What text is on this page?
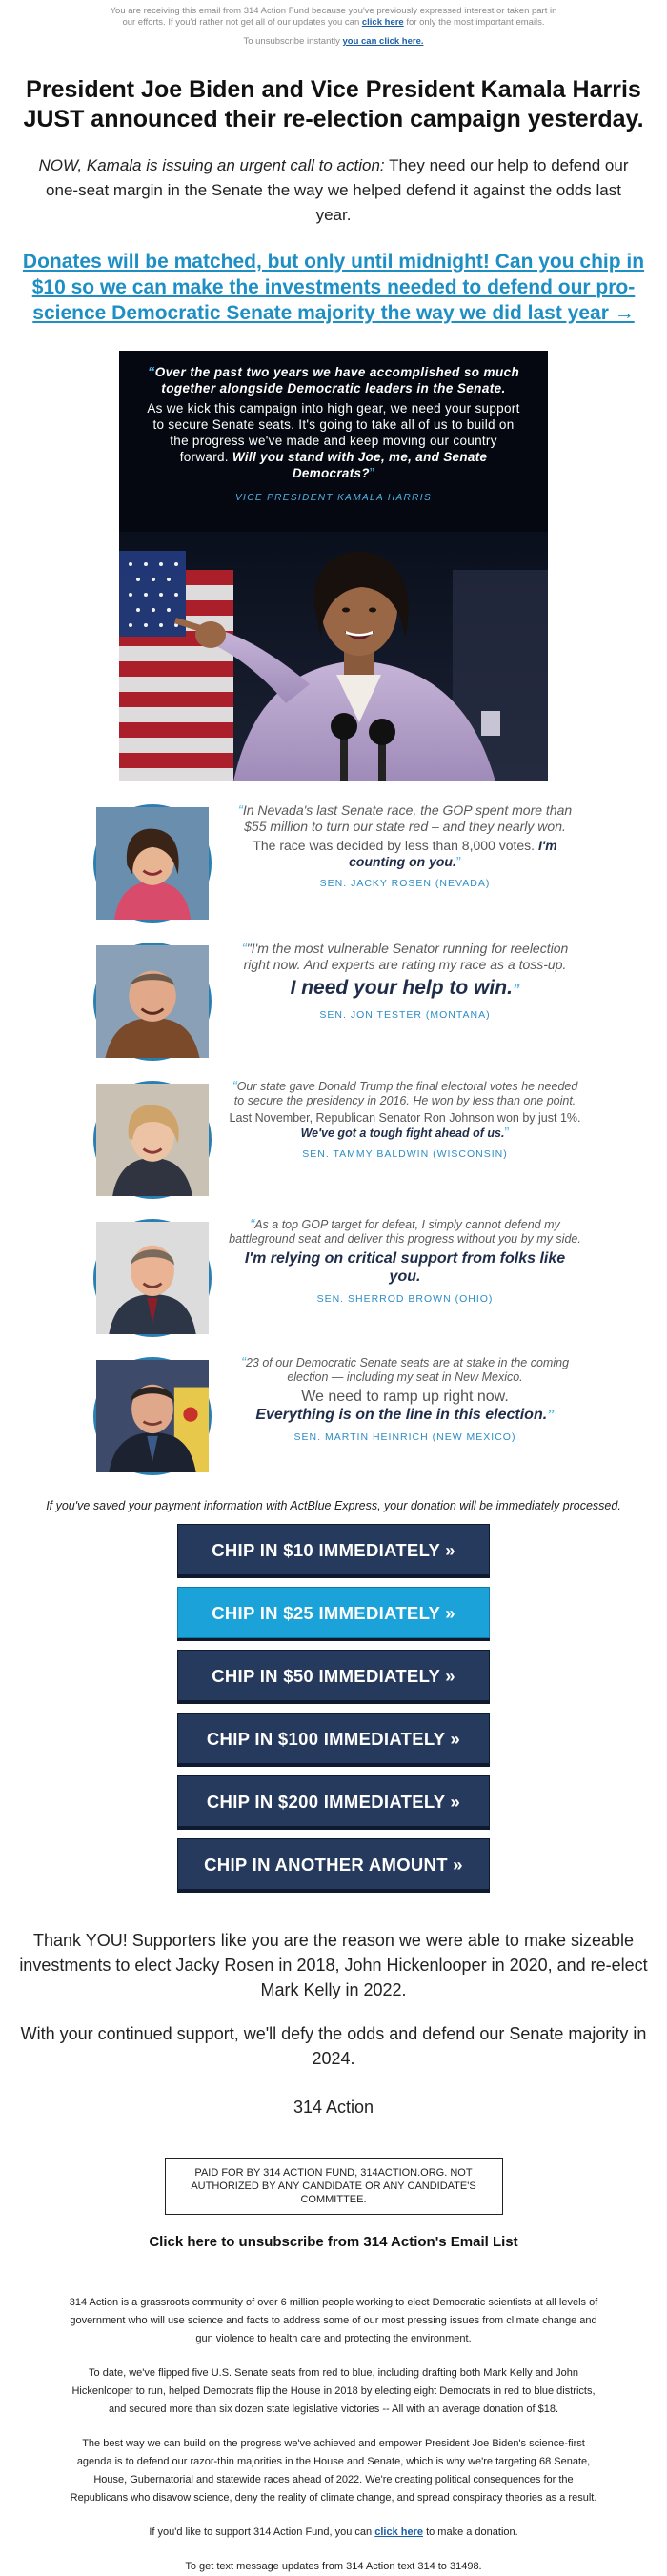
You are receiving this email from 314 Action Fund because you've previously expressed interest or taken part in our efforts. If you'd rather not get all of our updates you can click here for only the most important emails.
To unsubscribe instantly you can click here.
President Joe Biden and Vice President Kamala Harris JUST announced their re-election campaign yesterday.

NOW, Kamala is issuing an urgent call to action: They need our help to defend our one-seat margin in the Senate the way we helped defend it against the odds last year.

Donates will be matched, but only until midnight! Can you chip in $10 so we can make the investments needed to defend our pro-science Democratic Senate majority the way we did last year →

“Over the past two years we have accomplished so much together alongside Democratic leaders in the Senate.

As we kick this campaign into high gear, we need your support to secure Senate seats. It's going to take all of us to build on the progress we've made and keep moving our country forward. Will you stand with Joe, me, and Senate Democrats?”

VICE PRESIDENT KAMALA HARRIS

“In Nevada's last Senate race, the GOP spent more than $55 million to turn our state red – and they nearly won.

The race was decided by less than 8,000 votes. I'm counting on you.”

SEN. JACKY ROSEN (NEVADA)

“"I'm the most vulnerable Senator running for reelection right now. And experts are rating my race as a toss-up.

I need your help to win.”

SEN. JON TESTER (MONTANA)

“Our state gave Donald Trump the final electoral votes he needed to secure the presidency in 2016. He won by less than one point.

Last November, Republican Senator Ron Johnson won by just 1%. We've got a tough fight ahead of us.”

SEN. TAMMY BALDWIN (WISCONSIN)

“As a top GOP target for defeat, I simply cannot defend my battleground seat and deliver this progress without you by my side.

I'm relying on critical support from folks like you.

SEN. SHERROD BROWN (OHIO)

“23 of our Democratic Senate seats are at stake in the coming election — including my seat in New Mexico.

We need to ramp up right now.

Everything is on the line in this election.”

SEN. MARTIN HEINRICH (NEW MEXICO)

If you've saved your payment information with ActBlue Express, your donation will be immediately processed.

CHIP IN $10 IMMEDIATELY »
CHIP IN $25 IMMEDIATELY »
CHIP IN $50 IMMEDIATELY »
CHIP IN $100 IMMEDIATELY »
CHIP IN $200 IMMEDIATELY »
CHIP IN ANOTHER AMOUNT »

Thank YOU! Supporters like you are the reason we were able to make sizeable investments to elect Jacky Rosen in 2018, John Hickenlooper in 2020, and re-elect Mark Kelly in 2022.

With your continued support, we'll defy the odds and defend our Senate majority in 2024.

314 Action

PAID FOR BY 314 ACTION FUND, 314ACTION.ORG. NOT AUTHORIZED BY ANY CANDIDATE OR ANY CANDIDATE'S COMMITTEE.
Click here to unsubscribe from 314 Action's Email List

314 Action is a grassroots community of over 6 million people working to elect Democratic scientists at all levels of government who will use science and facts to address some of our most pressing issues from climate change and gun violence to health care and protecting the environment.

To date, we've flipped five U.S. Senate seats from red to blue, including drafting both Mark Kelly and John Hickenlooper to run, helped Democrats flip the House in 2018 by electing eight Democrats in red to blue districts, and secured more than six dozen state legislative victories -- All with an average donation of $18.

The best way we can build on the progress we've achieved and empower President Joe Biden's science-first agenda is to defend our razor-thin majorities in the House and Senate, which is why we're targeting 68 Senate, House, Gubernatorial and statewide races ahead of 2022. We're creating political consequences for the Republicans who disavow science, deny the reality of climate change, and spread conspiracy theories as a result.

If you'd like to support 314 Action Fund, you can click here to make a donation.

To get text message updates from 314 Action text 314 to 31498.
